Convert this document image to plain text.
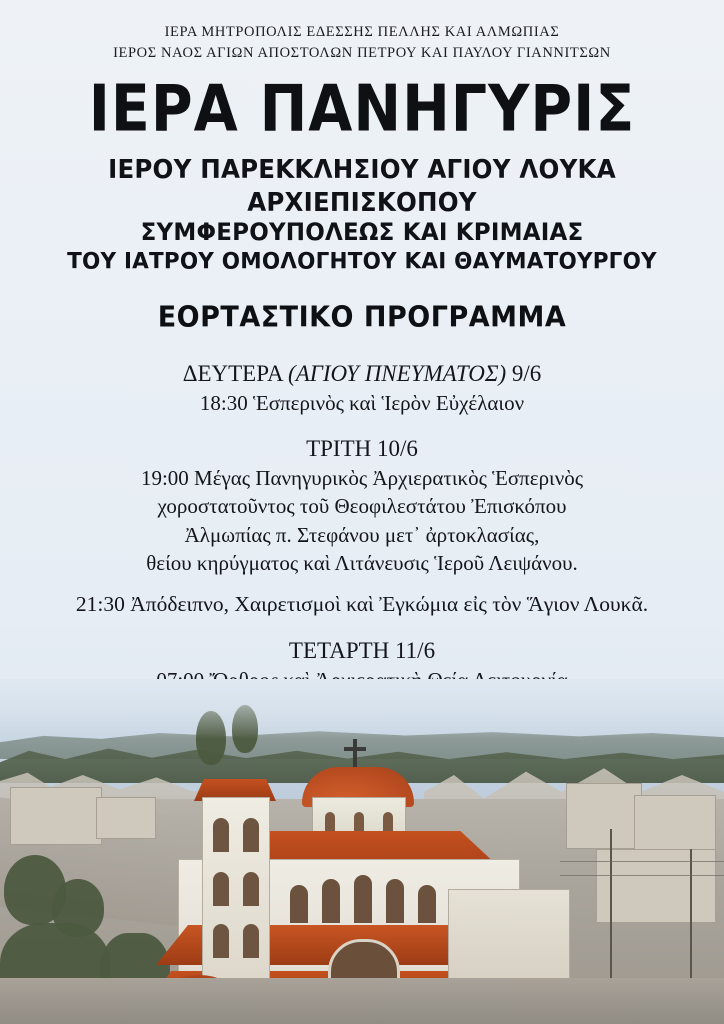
ΙΕΡΑ ΜΗΤΡΟΠΟΛΙΣ ΕΔΕΣΣΗΣ ΠΕΛΛΗΣ ΚΑΙ ΑΛΜΩΠΙΑΣ
ΙΕΡΟΣ ΝΑΟΣ ΑΓΙΩΝ ΑΠΟΣΤΟΛΩΝ ΠΕΤΡΟΥ ΚΑΙ ΠΑΥΛΟΥ ΓΙΑΝΝΙΤΣΩΝ
ΙΕΡΑ ΠΑΝΗΓΥΡΙΣ
ΙΕΡΟΥ ΠΑΡΕΚΚΛΗΣΙΟΥ ΑΓΙΟΥ ΛΟΥΚΑ ΑΡΧΙΕΠΙΣΚΟΠΟΥ
ΣΥΜΦΕΡΟΥΠΟΛΕΩΣ ΚΑΙ ΚΡΙΜΑΙΑΣ
ΤΟΥ ΙΑΤΡΟΥ ΟΜΟΛΟΓΗΤΟΥ ΚΑΙ ΘΑΥΜΑΤΟΥΡΓΟΥ
ΕΟΡΤΑΣΤΙΚΟ ΠΡΟΓΡΑΜΜΑ
ΔΕΥΤΕΡΑ (ΑΓΙΟΥ ΠΝΕΥΜΑΤΟΣ) 9/6
18:30 Ἑσπερινὸς καὶ Ἱερὸν Εὐχέλαιον
ΤΡΙΤΗ 10/6
19:00 Μέγας Πανηγυρικὸς Ἀρχιερατικὸς Ἑσπερινὸς
χοροστατοῦντος τοῦ Θεοφιλεστάτου Ἐπισκόπου
Ἀλμωπίας π. Στεφάνου μετ᾽ ἀρτοκλασίας,
θείου κηρύγματος καὶ Λιτάνευσις Ἱεροῦ Λειψάνου.
21:30 Ἀπόδειπνο, Χαιρετισμοὶ καὶ Ἐγκώμια εἰς τὸν Ἅγιον Λουκᾶ.
ΤΕΤΑΡΤΗ 11/6
